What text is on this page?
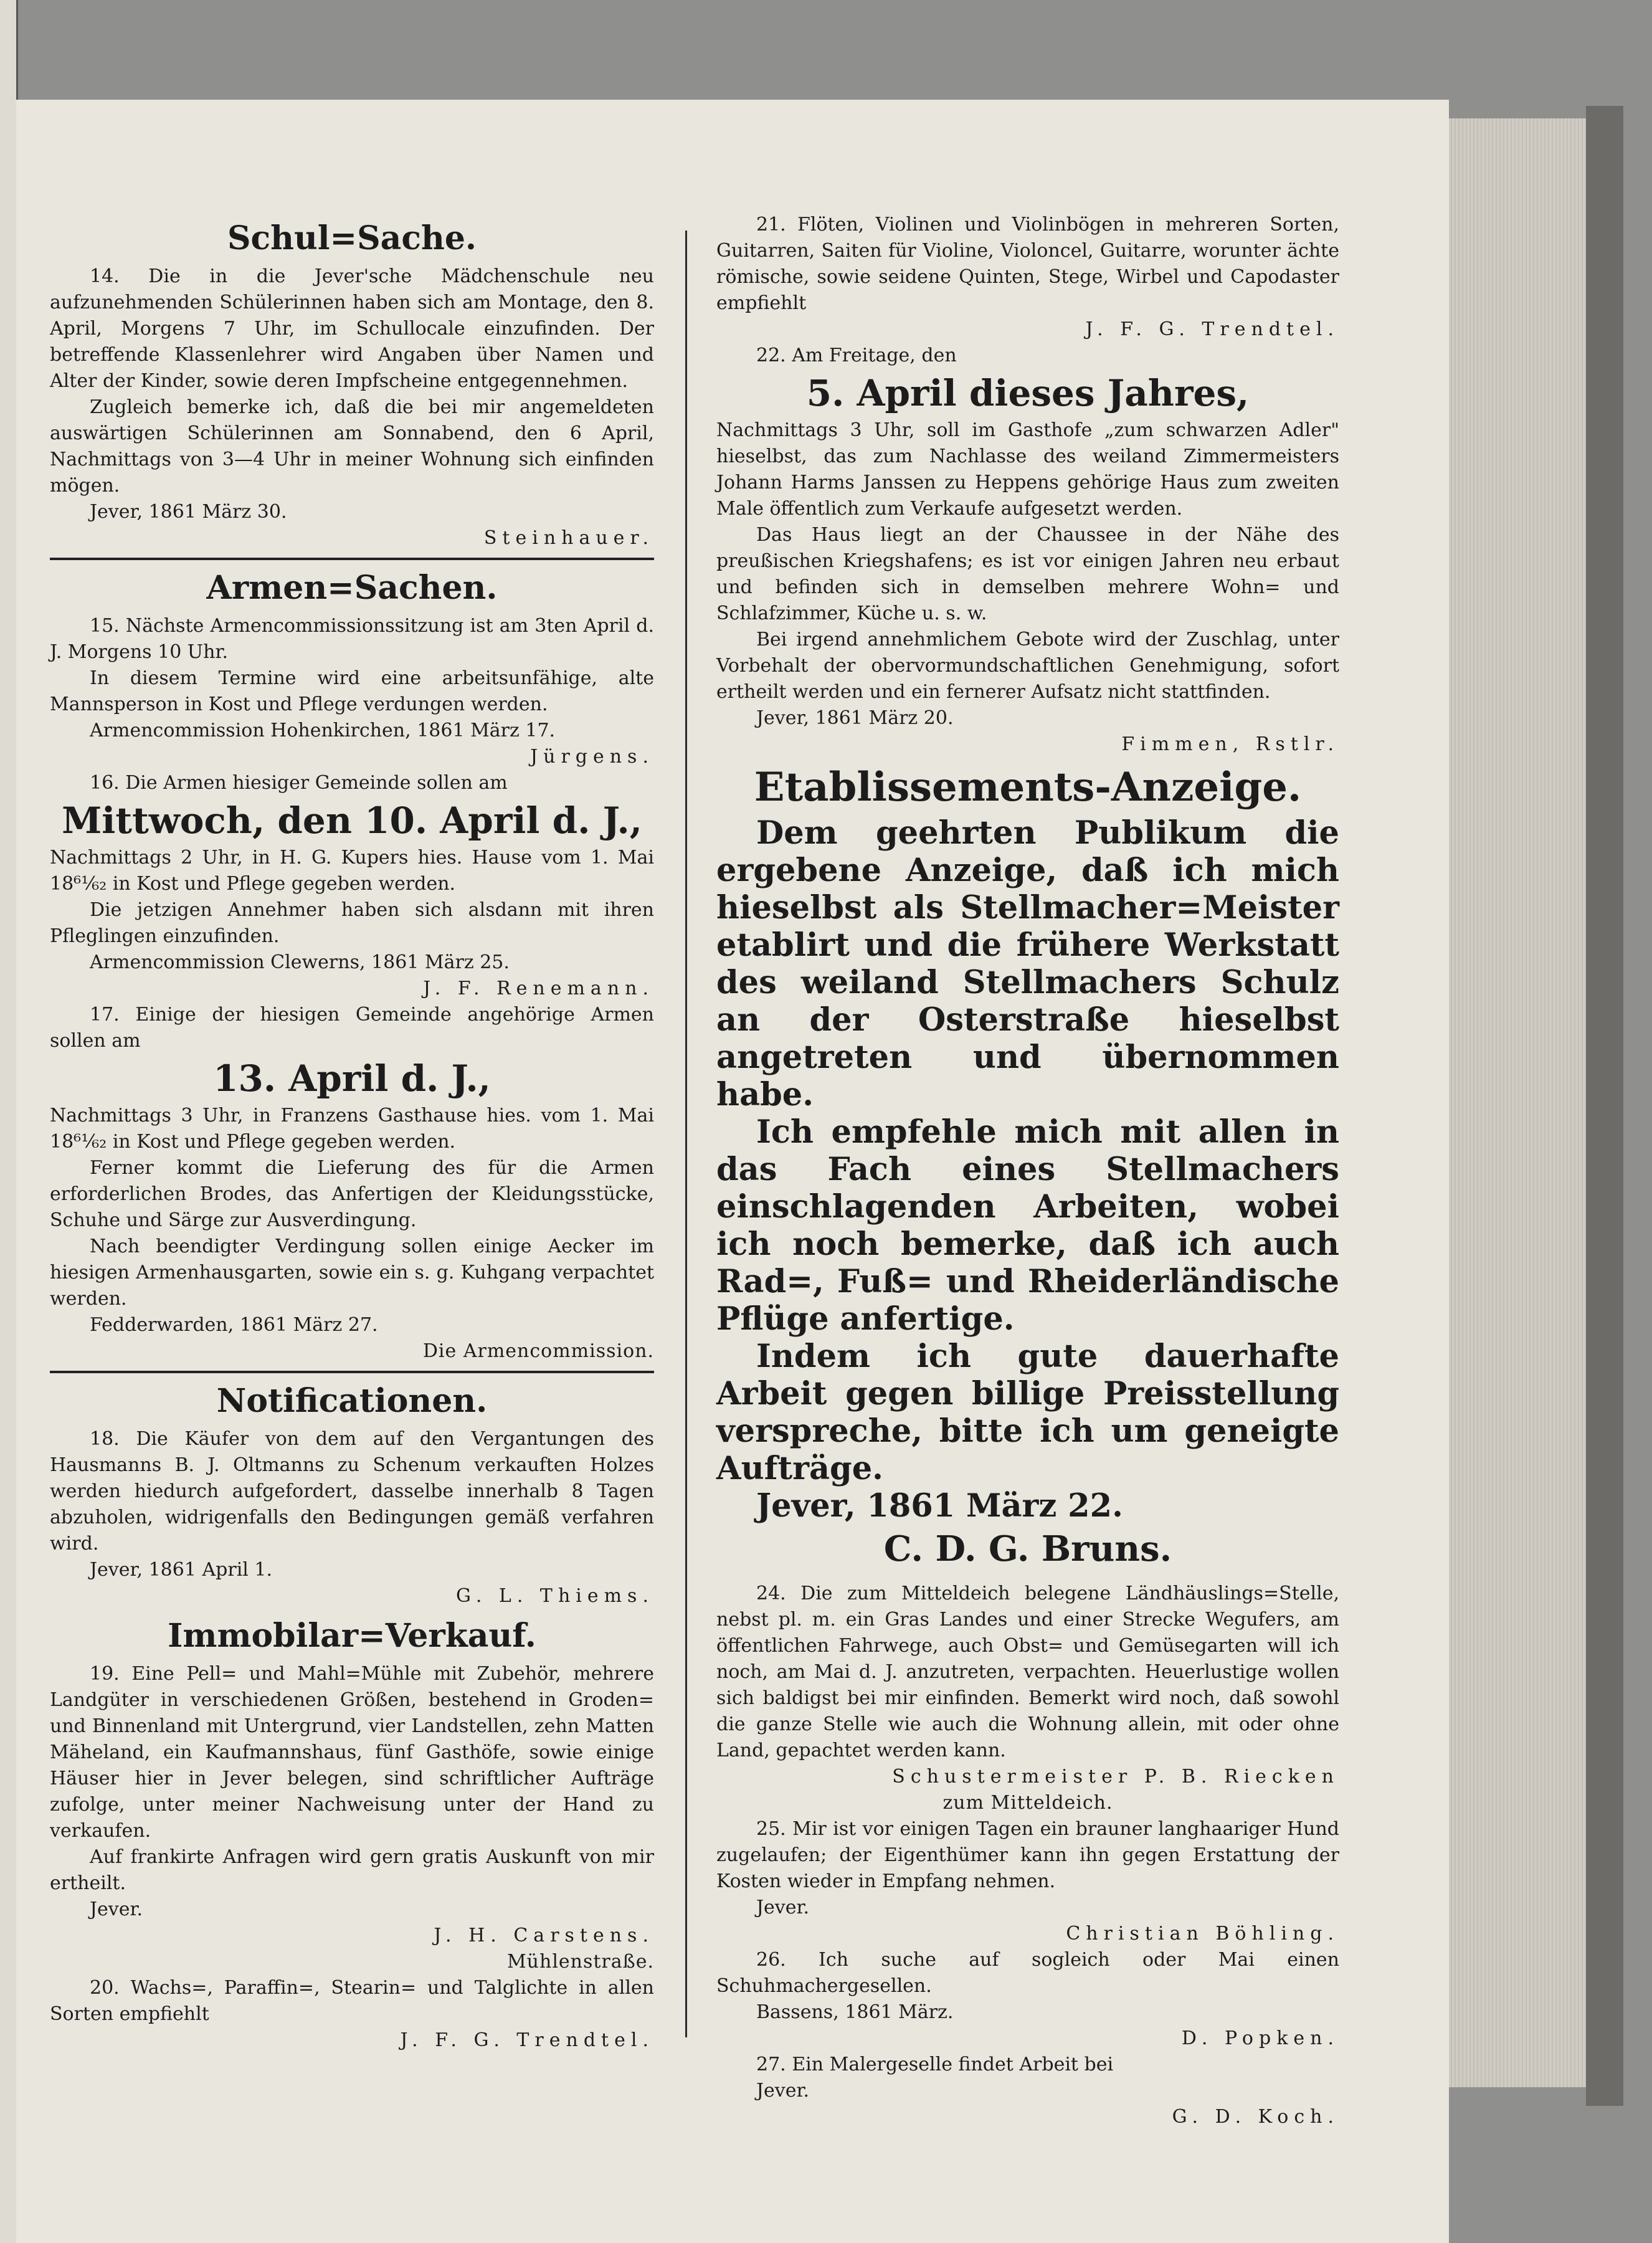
Schul=Sache.

14. Die in die Jever'sche Mädchenschule neu aufzunehmenden Schülerinnen haben sich am Montage, den 8. April, Morgens 7 Uhr, im Schullocale einzufinden. Der betreffende Klassenlehrer wird Angaben über Namen und Alter der Kinder, sowie deren Impfscheine entgegennehmen.

Zugleich bemerke ich, daß die bei mir angemeldeten auswärtigen Schülerinnen am Sonnabend, den 6 April, Nachmittags von 3—4 Uhr in meiner Wohnung sich einfinden mögen.

Jever, 1861 März 30.

Steinhauer.

Armen=Sachen.

15. Nächste Armencommissionssitzung ist am 3ten April d. J. Morgens 10 Uhr.

In diesem Termine wird eine arbeitsunfähige, alte Mannsperson in Kost und Pflege verdungen werden.

Armencommission Hohenkirchen, 1861 März 17.

Jürgens.

16. Die Armen hiesiger Gemeinde sollen am

Mittwoch, den 10. April d. J.,

Nachmittags 2 Uhr, in H. G. Kupers hies. Hause vom 1. Mai 18⁶¹⁄₆₂ in Kost und Pflege gegeben werden.

Die jetzigen Annehmer haben sich alsdann mit ihren Pfleglingen einzufinden.

Armencommission Clewerns, 1861 März 25.

J. F. Renemann.

17. Einige der hiesigen Gemeinde angehörige Armen sollen am

13. April d. J.,

Nachmittags 3 Uhr, in Franzens Gasthause hies. vom 1. Mai 18⁶¹⁄₆₂ in Kost und Pflege gegeben werden.

Ferner kommt die Lieferung des für die Armen erforderlichen Brodes, das Anfertigen der Kleidungsstücke, Schuhe und Särge zur Ausverdingung.

Nach beendigter Verdingung sollen einige Aecker im hiesigen Armenhausgarten, sowie ein s. g. Kuhgang verpachtet werden.

Fedderwarden, 1861 März 27.

Die Armencommission.

Notificationen.

18. Die Käufer von dem auf den Vergantungen des Hausmanns B. J. Oltmanns zu Schenum verkauften Holzes werden hiedurch aufgefordert, dasselbe innerhalb 8 Tagen abzuholen, widrigenfalls den Bedingungen gemäß verfahren wird.

Jever, 1861 April 1.

G. L. Thiems.

Immobilar=Verkauf.

19. Eine Pell= und Mahl=Mühle mit Zubehör, mehrere Landgüter in verschiedenen Größen, bestehend in Groden= und Binnenland mit Untergrund, vier Landstellen, zehn Matten Mäheland, ein Kaufmannshaus, fünf Gasthöfe, sowie einige Häuser hier in Jever belegen, sind schriftlicher Aufträge zufolge, unter meiner Nachweisung unter der Hand zu verkaufen.

Auf frankirte Anfragen wird gern gratis Auskunft von mir ertheilt.

Jever.

J. H. Carstens.

Mühlenstraße.

20. Wachs=, Paraffin=, Stearin= und Talglichte in allen Sorten empfiehlt

J. F. G. Trendtel.

21. Flöten, Violinen und Violinbögen in mehreren Sorten, Guitarren, Saiten für Violine, Violoncel, Guitarre, worunter ächte römische, sowie seidene Quinten, Stege, Wirbel und Capodaster empfiehlt

J. F. G. Trendtel.

22. Am Freitage, den

5. April dieses Jahres,

Nachmittags 3 Uhr, soll im Gasthofe „zum schwarzen Adler" hieselbst, das zum Nachlasse des weiland Zimmermeisters Johann Harms Janssen zu Heppens gehörige Haus zum zweiten Male öffentlich zum Verkaufe aufgesetzt werden.

Das Haus liegt an der Chaussee in der Nähe des preußischen Kriegshafens; es ist vor einigen Jahren neu erbaut und befinden sich in demselben mehrere Wohn= und Schlafzimmer, Küche u. s. w.

Bei irgend annehmlichem Gebote wird der Zuschlag, unter Vorbehalt der obervormundschaftlichen Genehmigung, sofort ertheilt werden und ein fernerer Aufsatz nicht stattfinden.

Jever, 1861 März 20.

Fimmen, Rstlr.

Etablissements-Anzeige.

Dem geehrten Publikum die ergebene Anzeige, daß ich mich hieselbst als Stellmacher=Meister etablirt und die frühere Werkstatt des weiland Stellmachers Schulz an der Osterstraße hieselbst angetreten und übernommen habe.

Ich empfehle mich mit allen in das Fach eines Stellmachers einschlagenden Arbeiten, wobei ich noch bemerke, daß ich auch Rad=, Fuß= und Rheiderländische Pflüge anfertige.

Indem ich gute dauerhafte Arbeit gegen billige Preisstellung verspreche, bitte ich um geneigte Aufträge.

Jever, 1861 März 22.

C. D. G. Bruns.

24. Die zum Mitteldeich belegene Ländhäuslings=Stelle, nebst pl. m. ein Gras Landes und einer Strecke Wegufers, am öffentlichen Fahrwege, auch Obst= und Gemüsegarten will ich noch, am Mai d. J. anzutreten, verpachten. Heuerlustige wollen sich baldigst bei mir einfinden. Bemerkt wird noch, daß sowohl die ganze Stelle wie auch die Wohnung allein, mit oder ohne Land, gepachtet werden kann.

Schustermeister P. B. Riecken

zum Mitteldeich.

25. Mir ist vor einigen Tagen ein brauner langhaariger Hund zugelaufen; der Eigenthümer kann ihn gegen Erstattung der Kosten wieder in Empfang nehmen.

Jever.

Christian Böhling.

26. Ich suche auf sogleich oder Mai einen Schuhmachergesellen.

Bassens, 1861 März.

D. Popken.

27. Ein Malergeselle findet Arbeit bei

Jever.

G. D. Koch.
